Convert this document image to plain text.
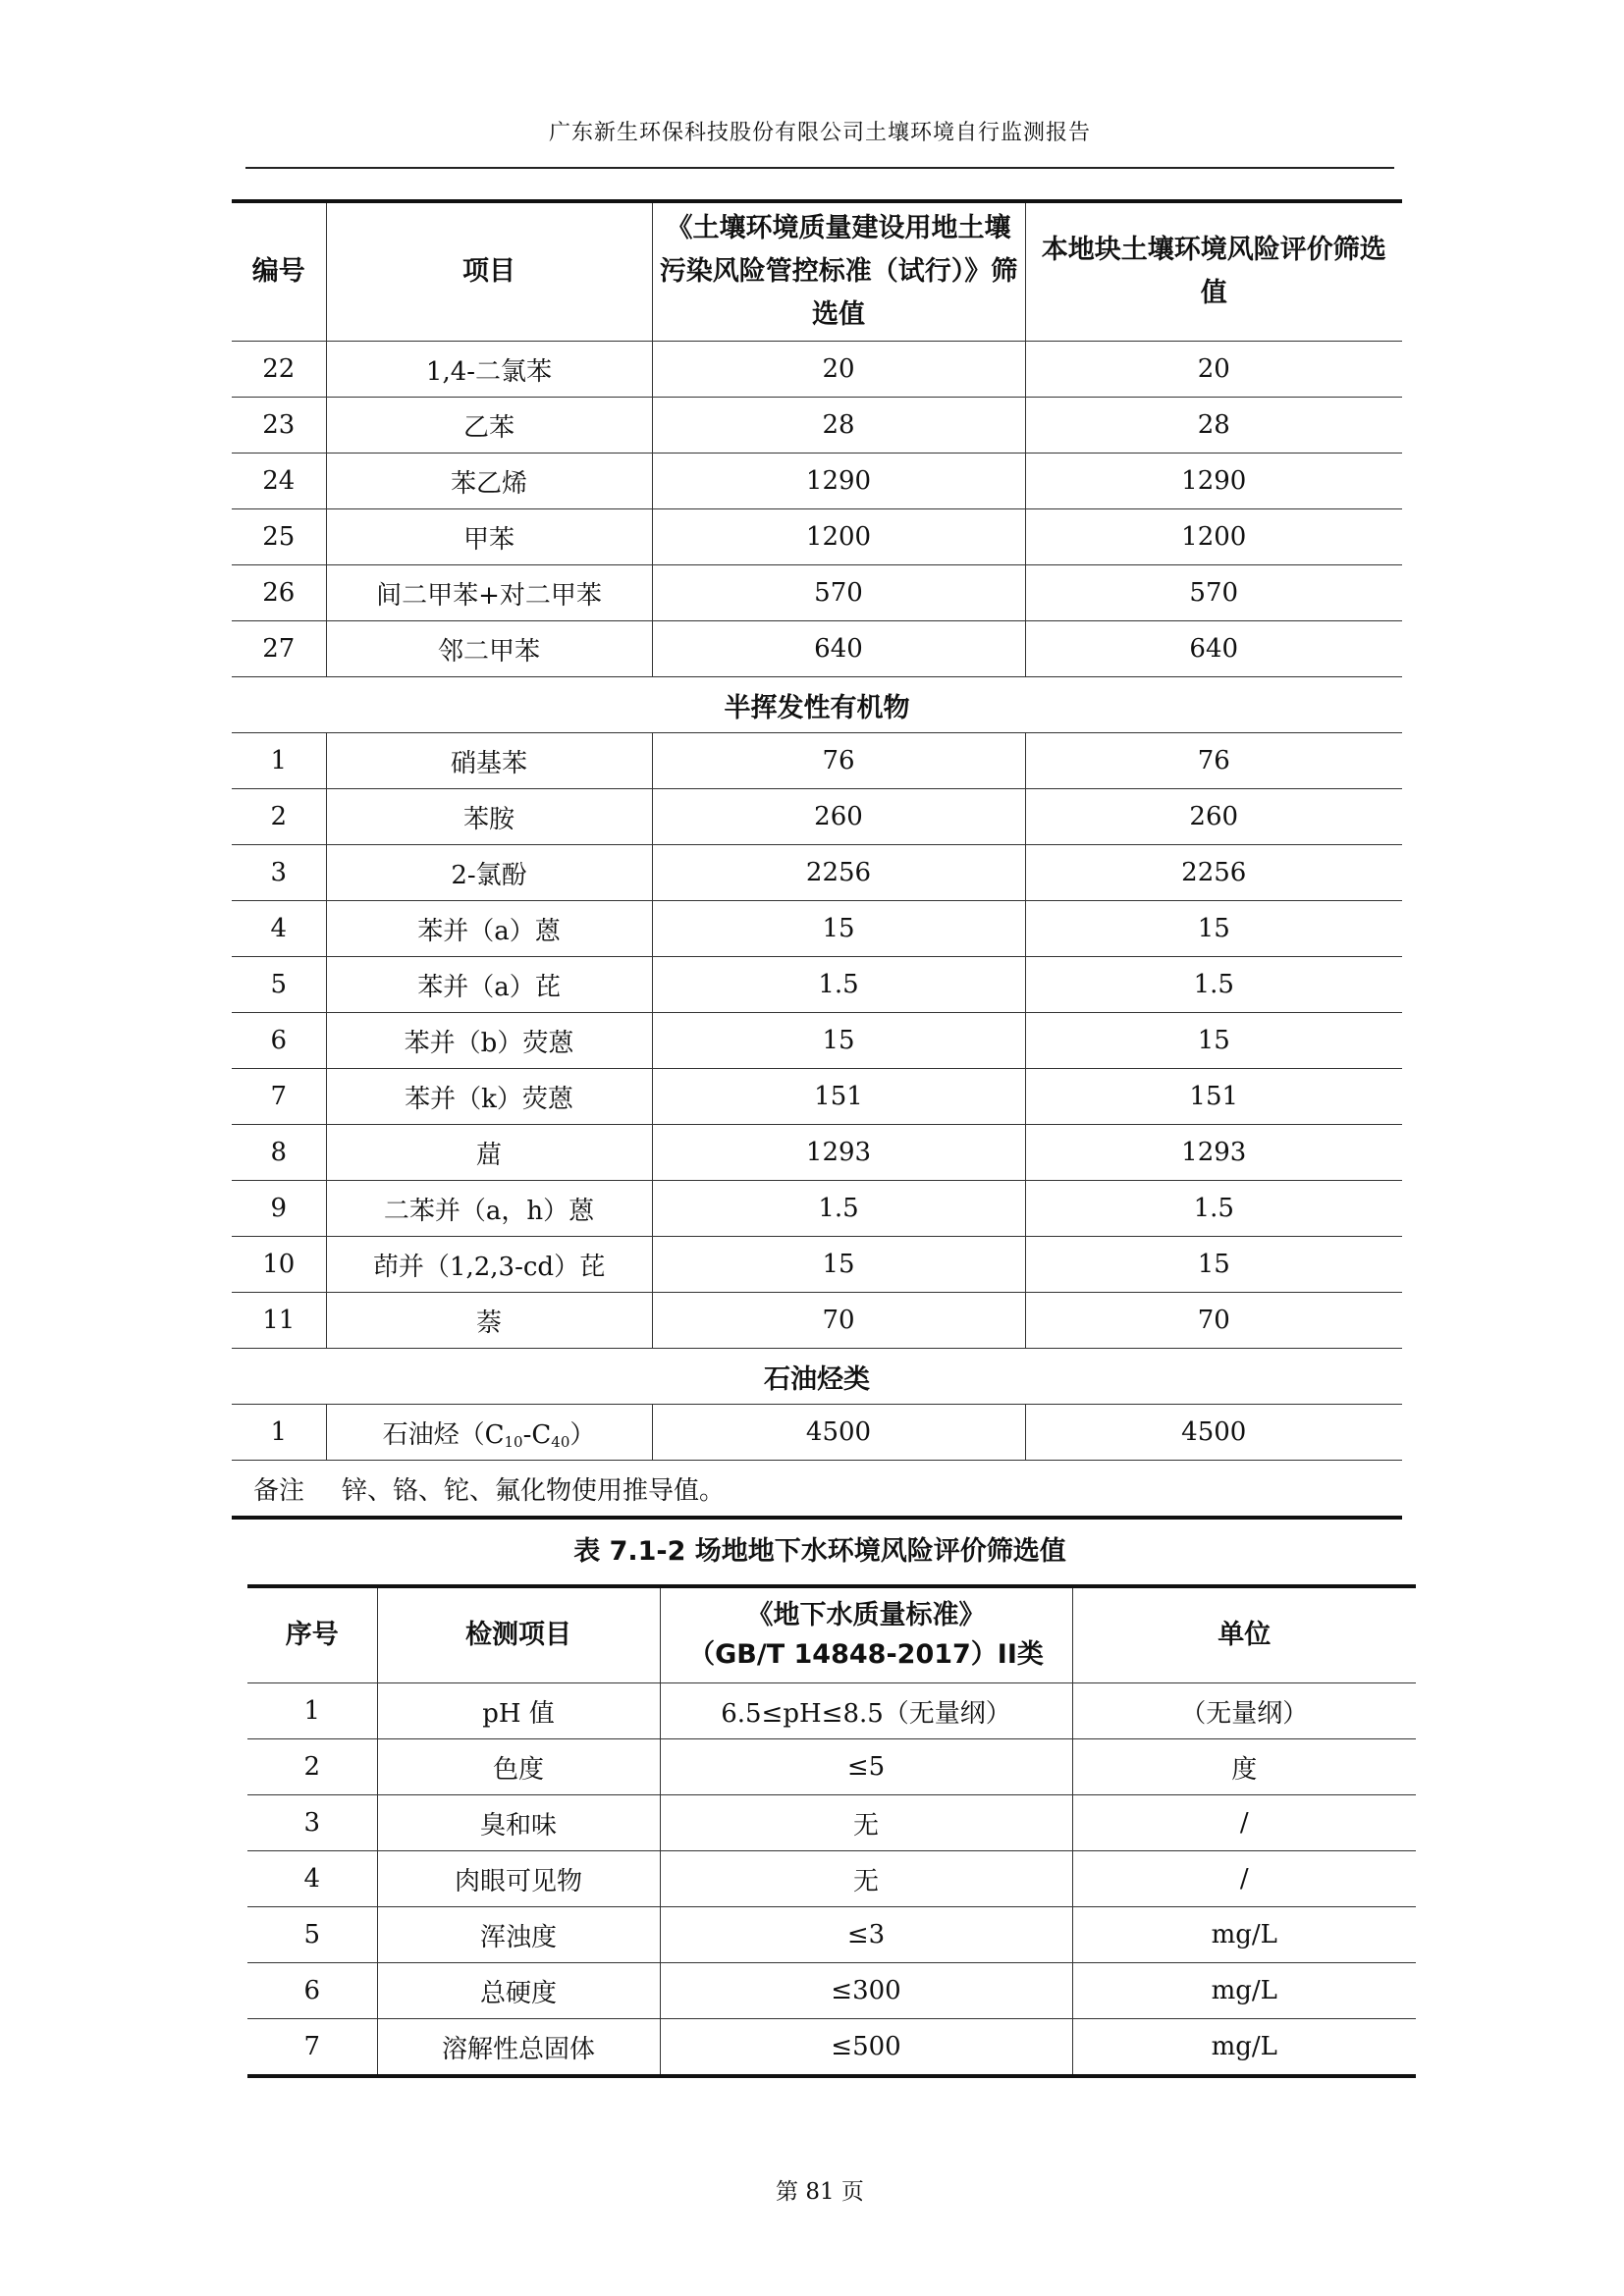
广东新生环保科技股份有限公司土壤环境自行监测报告
编号	项目	《土壤环境质量建设用地土壤污染风险管控标准（试行）》筛选值	本地块土壤环境风险评价筛选值
22	1,4-二氯苯	20	20
23	乙苯	28	28
24	苯乙烯	1290	1290
25	甲苯	1200	1200
26	间二甲苯+对二甲苯	570	570
27	邻二甲苯	640	640
半挥发性有机物			
1	硝基苯	76	76
2	苯胺	260	260
3	2-氯酚	2256	2256
4	苯并（a）蒽	15	15
5	苯并（a）芘	1.5	1.5
6	苯并（b）荧蒽	15	15
7	苯并（k）荧蒽	151	151
8	䓛	1293	1293
9	二苯并（a，h）蒽	1.5	1.5
10	茚并（1,2,3-cd）芘	15	15
11	萘	70	70
石油烃类			
1	石油烃$(C_{10}-C_{40})$	4500	4500
备注	锌、铬、铊、氟化物使用推导值。		
表 7.1-2 场地地下水环境风险评价筛选值
序号	检测项目	《地下水质量标准》
（GB/T 14848-2017）II类	单位
1	pH 值	6.5≤pH≤8.5（无量纲）	（无量纲）
2	色度	≤5	度
3	臭和味	无	/
4	肉眼可见物	无	/
5	浑浊度	≤3	mg/L
6	总硬度	≤300	mg/L
7	溶解性总固体	≤500	mg/L
第 81 页
